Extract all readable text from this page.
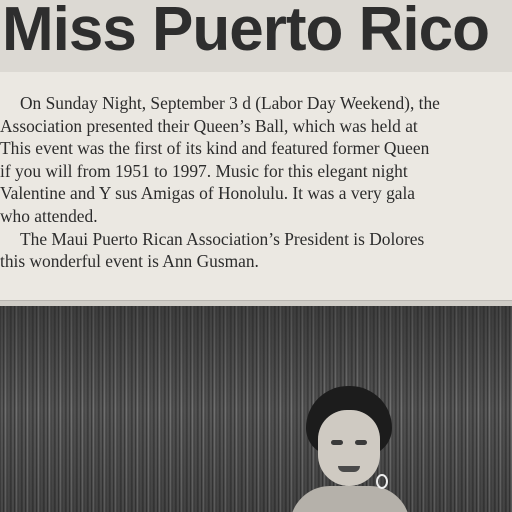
Miss Puerto Rico
On Sunday Night, September 3 d (Labor Day Weekend), the
Association presented their Queen’s Ball, which was held at
This event was the first of its kind and featured former Queen
if you will from 1951 to 1997. Music for this elegant night
Valentine and Y sus Amigas of Honolulu. It was a very gala
who attended.
The Maui Puerto Rican Association’s President is Dolores
this wonderful event is Ann Gusman.
